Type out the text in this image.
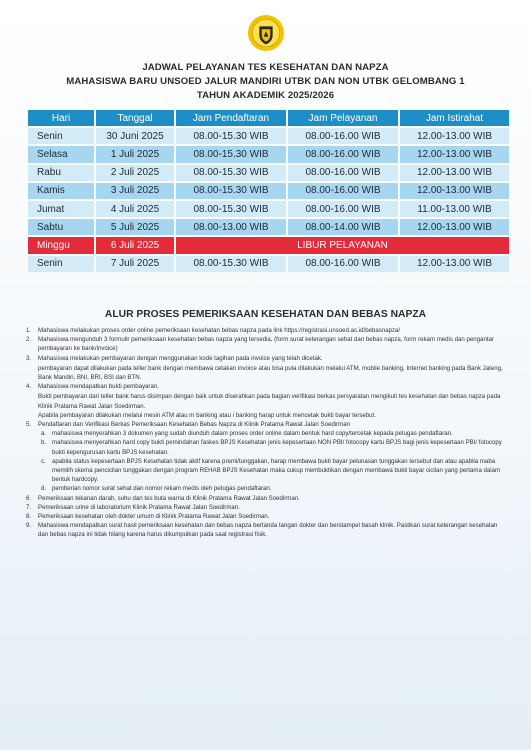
JADWAL PELAYANAN TES KESEHATAN DAN NAPZA
MAHASISWA BARU UNSOED JALUR MANDIRI UTBK DAN NON UTBK GELOMBANG 1
TAHUN AKADEMIK 2025/2026
Hari	Tanggal	Jam Pendaftaran	Jam Pelayanan	Jam Istirahat
Senin	30 Juni 2025	08.00-15.30 WIB	08.00-16.00 WIB	12.00-13.00 WIB
Selasa	1 Juli 2025	08.00-15.30 WIB	08.00-16.00 WIB	12.00-13.00 WIB
Rabu	2 Juli 2025	08.00-15.30 WIB	08.00-16.00 WIB	12.00-13.00 WIB
Kamis	3 Juli 2025	08.00-15.30 WIB	08.00-16.00 WIB	12.00-13.00 WIB
Jumat	4 Juli 2025	08.00-15.30 WIB	08.00-16.00 WIB	11.00-13.00 WIB
Sabtu	5 Juli 2025	08.00-13.00 WIB	08.00-14.00 WIB	12.00-13.00 WIB
Minggu	6 Juli 2025	LIBUR PELAYANAN		
Senin	7 Juli 2025	08.00-15.30 WIB	08.00-16.00 WIB	12.00-13.00 WIB
ALUR PROSES PEMERIKSAAN KESEHATAN DAN BEBAS NAPZA
1. Mahasiswa melakukan proses order online pemeriksaan kesehatan bebas napza pada link https://registrasi.unsoed.ac.id/bebasnapza/

2. Mahasiswa mengunduh 3 formulir pemeriksaan kesehatan bebas napza yang tersedia, (form surat keterangan sehat dan bebas napza, form rekam medis dan pengantar pembayaran ke bank/invoice)

3. Mahasiswa melakukan pembayaran dengan menggunakan kode tagihan pada invoice yang telah dicetak.

pembayaran dapat dilakukan pada teller bank dengan membawa cetakan invoice atau bisa pula dilakukan melalui ATM, mobile banking, Internet banking pada Bank Jateng, Bank Mandiri, BNI, BRI, BSI dan BTN.

4. Mahasiswa mendapatkan bukti pembayaran.

Bukti pembayaran dari teller bank harus disimpan dengan baik untuk diserahkan pada bagian verifikasi berkas persyaratan mengikuti tes kesehatan dan bebas napza pada Klinik Pratama Rawat Jalan Soedirman.

Apabila pembayaran dilakukan melalui mesin ATM atau m banking atau i banking harap untuk mencetak bukti bayar tersebut.

5. Pendaftaran dan Verifikasi Berkas Pemeriksaan Kesehatan Bebas Napza di Klinik Pratama Rawat Jalan Soedirman

a. mahasiswa menyerahkan 3 dokumen yang sudah diunduh dalam proses order online dalam bentuk hard copy/tercetak kepada petugas pendaftaran.

b. mahasiswa menyerahkan hard copy bukti pemindahan faskes BPJS Kesehatan jenis kepesertaan NON PBI/ fotocopy kartu BPJS bagi jenis kepesertaan PBI/ fotocopy bukti kepengurusan kartu BPJS kesehatan.

c. apabila status kepesertaan BPJS Kesehatan tidak aktif karena premi/tunggakan, harap membawa bukti bayar pelunasan tunggakan tersebut dan atau apabila maba memilih skema pencicilan tunggakan dengan program REHAB BPJS Kesehatan maka cukup membuktikan dengan membawa bukti bayar cicilan yang pertama dalam bentuk hardcopy.

d. pemberian nomor surat sehat dan nomor rekam medis oleh petugas pendaftaran.

6. Pemeriksaan tekanan darah, suhu dan tes buta warna di Klinik Pratama Rawat Jalan Soedirman.

7. Pemeriksaan urine di laboratorium Klinik Pratama Rawat Jalan Soedirman.

8. Pemeriksaan kesehatan oleh dokter umum di Klinik Pratama Rawat Jalan Soedirman.

9. Mahasiswa mendapatkan surat hasil pemeriksaan kesehatan dan bebas napza bertanda tangan dokter dan berstampel basah klinik. Pastikan surat keterangan kesehatan dan bebas napza ini tidak hilang karena harus dikumpulkan pada saat registrasi fisik.
